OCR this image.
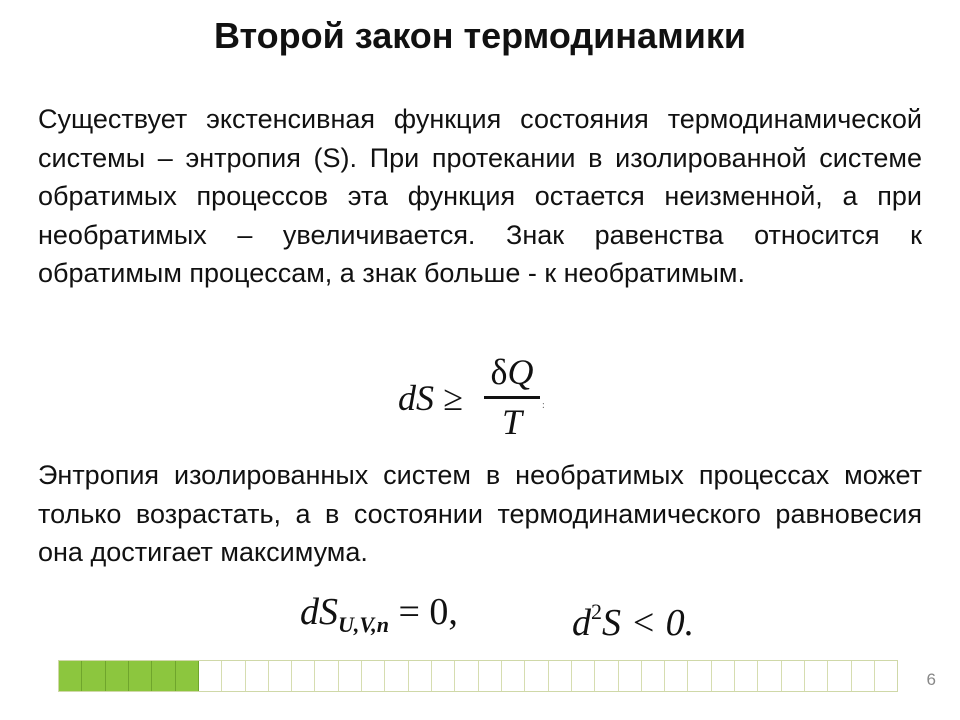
Второй закон термодинамики
Существует экстенсивная функция состояния термодинамической системы – энтропия (S). При протекании в изолированной системе обратимых процессов эта функция остается неизменной, а при необратимых – увеличивается. Знак равенства относится к обратимым процессам, а знак больше - к необратимым.
dS ≥
δQ
T	:
Энтропия изолированных систем в необратимых процессах может только возрастать, а в состоянии термодинамического равновесия она достигает максимума.
$dS_{U,V,n} = 0$,	$d^2S < 0$.
6
